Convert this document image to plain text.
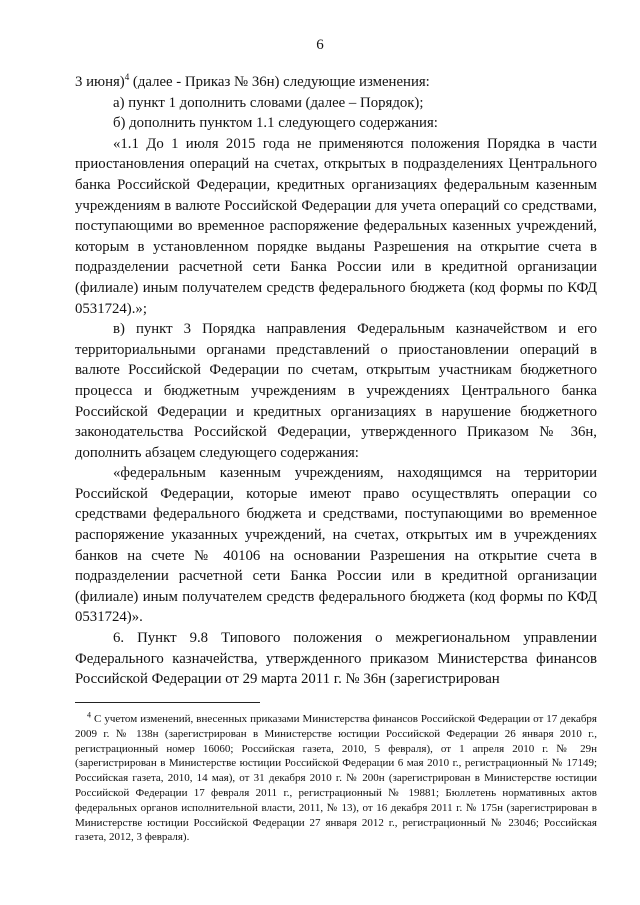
6

3 июня)$^4$ (далее - Приказ № 36н) следующие изменения:

а) пункт 1 дополнить словами (далее – Порядок);

б) дополнить пунктом 1.1 следующего содержания:

«1.1 До 1 июля 2015 года не применяются положения Порядка в части приостановления операций на счетах, открытых в подразделениях Центрального банка Российской Федерации, кредитных организациях федеральным казенным учреждениям в валюте Российской Федерации для учета операций со средствами, поступающими во временное распоряжение федеральных казенных учреждений, которым в установленном порядке выданы Разрешения на открытие счета в подразделении расчетной сети Банка России или в кредитной организации (филиале) иным получателем средств федерального бюджета (код формы по КФД 0531724).»;

в) пункт 3 Порядка направления Федеральным казначейством и его территориальными органами представлений о приостановлении операций в валюте Российской Федерации по счетам, открытым участникам бюджетного процесса и бюджетным учреждениям в учреждениях Центрального банка Российской Федерации и кредитных организациях в нарушение бюджетного законодательства Российской Федерации, утвержденного Приказом № 36н, дополнить абзацем следующего содержания:

«федеральным казенным учреждениям, находящимся на территории Российской Федерации, которые имеют право осуществлять операции со средствами федерального бюджета и средствами, поступающими во временное распоряжение указанных учреждений, на счетах, открытых им в учреждениях банков на счете № 40106 на основании Разрешения на открытие счета в подразделении расчетной сети Банка России или в кредитной организации (филиале) иным получателем средств федерального бюджета (код формы по КФД 0531724)».

6. Пункт 9.8 Типового положения о межрегиональном управлении Федерального казначейства, утвержденного приказом Министерства финансов Российской Федерации от 29 марта 2011 г. № 36н (зарегистрирован

$^4$ С учетом изменений, внесенных приказами Министерства финансов Российской Федерации от 17 декабря 2009 г. № 138н (зарегистрирован в Министерстве юстиции Российской Федерации 26 января 2010 г., регистрационный номер 16060; Российская газета, 2010, 5 февраля), от 1 апреля 2010 г. № 29н (зарегистрирован в Министерстве юстиции Российской Федерации 6 мая 2010 г., регистрационный № 17149; Российская газета, 2010, 14 мая), от 31 декабря 2010 г. № 200н (зарегистрирован в Министерстве юстиции Российской Федерации 17 февраля 2011 г., регистрационный № 19881; Бюллетень нормативных актов федеральных органов исполнительной власти, 2011, № 13), от 16 декабря 2011 г. № 175н (зарегистрирован в Министерстве юстиции Российской Федерации 27 января 2012 г., регистрационный № 23046; Российская газета, 2012, 3 февраля).
